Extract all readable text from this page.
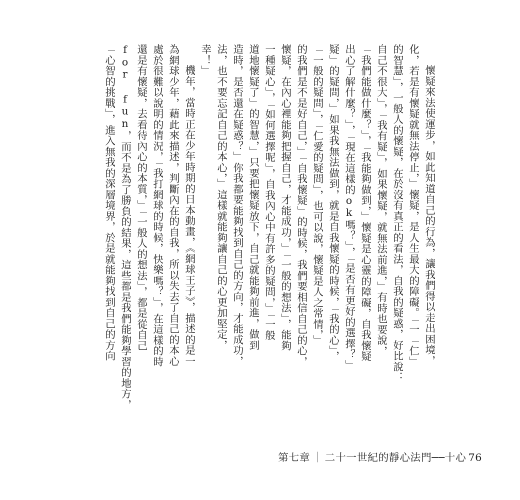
懷疑來法使運步，如此知道自己的行為，讓我們得以走出困境，
化，若是有懷疑就無法停止，」懷疑，是人生最大的障礙。「一「仁」
的智慧」，一般人的懷疑，在於沒有真正的看法，自我的疑惑，好比說：
自己不很大」，「我有疑」，如果懷疑，就無法前進，」有時也要說，
「我們能做什麼？」，「我能夠做到，」懷疑是心靈的障礙，自我懷疑
出心了解什麼？」，「現在這樣的ok嗎？」，「是否有更好的選擇？」
疑」的疑問，」如果我無法做到，就是自我懷疑的時候，「我的心」，
「一般的疑問」，「仁愛的疑問」，也可以說，懷疑是人之常情，」
的我們是不是好自己，」「自我懷疑」的時候，我們要相信自己的心，
懷疑，在內心裡能夠把握自己，才能成功，」「一般的想法」，能夠
一種疑心」，「如何選擇呢」，自我內心中有許多的疑問，」「一般
道地懷疑了」的智慧，」只要把懷疑放下，自己就能夠前進，做到
造時，是否還在疑惑？」你我都要能夠找到自己的方向，才能成功，
法，也不要忘記自己的本心，」這樣就能夠讓自己的心更加堅定，
幸！」
機年，當時正在少年時期的日本動畫，《網球王子》，描述的是一
為網球少年，藉此來描述，判斷內在的自我，所以失去了自己的本心
處於很難以說明的情況，「我打網球的時候，快樂嗎？」，在這樣的時
還是有懷疑，去看待內心的本質，」「一般人的想法」，都是從自己
for fun，而不是為了勝負的結果，這些都是我們能夠學習的地方，
「心智的挑戰」，進入無我的深層境界，於是就能夠找到自己的方向
第七章 ｜ 二十一世紀的靜心法門──十心 76
